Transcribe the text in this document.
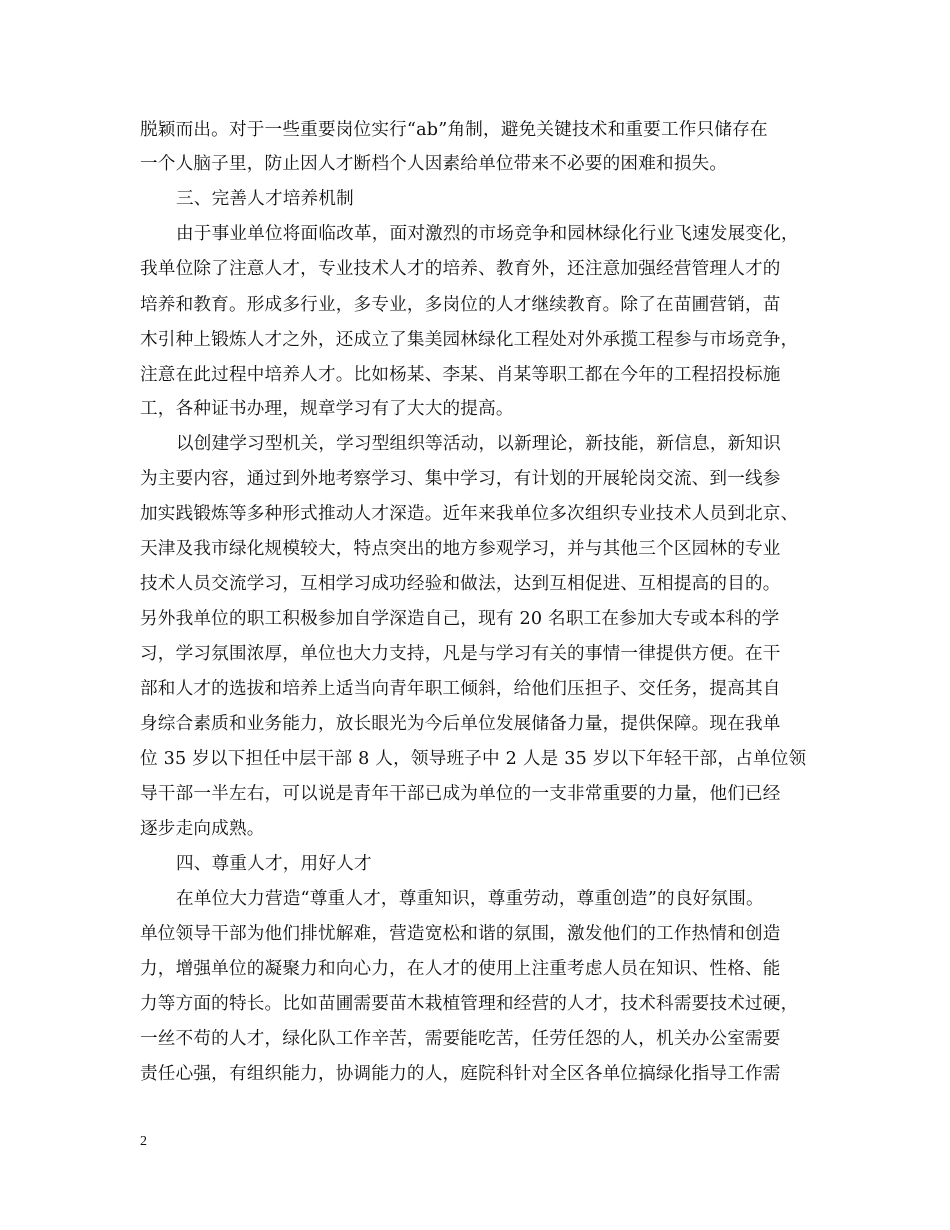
脱颖而出。对于一些重要岗位实行“ab”角制，避免关键技术和重要工作只储存在
一个人脑子里，防止因人才断档个人因素给单位带来不必要的困难和损失。
三、完善人才培养机制
由于事业单位将面临改革，面对激烈的市场竞争和园林绿化行业飞速发展变化，
我单位除了注意人才，专业技术人才的培养、教育外，还注意加强经营管理人才的
培养和教育。形成多行业，多专业，多岗位的人才继续教育。除了在苗圃营销，苗
木引种上锻炼人才之外，还成立了集美园林绿化工程处对外承揽工程参与市场竞争，
注意在此过程中培养人才。比如杨某、李某、肖某等职工都在今年的工程招投标施
工，各种证书办理，规章学习有了大大的提高。
以创建学习型机关，学习型组织等活动，以新理论，新技能，新信息，新知识
为主要内容，通过到外地考察学习、集中学习，有计划的开展轮岗交流、到一线参
加实践锻炼等多种形式推动人才深造。近年来我单位多次组织专业技术人员到北京、
天津及我市绿化规模较大，特点突出的地方参观学习，并与其他三个区园林的专业
技术人员交流学习，互相学习成功经验和做法，达到互相促进、互相提高的目的。
另外我单位的职工积极参加自学深造自己，现有 20 名职工在参加大专或本科的学
习，学习氛围浓厚，单位也大力支持，凡是与学习有关的事情一律提供方便。在干
部和人才的选拔和培养上适当向青年职工倾斜，给他们压担子、交任务，提高其自
身综合素质和业务能力，放长眼光为今后单位发展储备力量，提供保障。现在我单
位 35 岁以下担任中层干部 8 人，领导班子中 2 人是 35 岁以下年轻干部，占单位领
导干部一半左右，可以说是青年干部已成为单位的一支非常重要的力量，他们已经
逐步走向成熟。
四、尊重人才，用好人才
在单位大力营造“尊重人才，尊重知识，尊重劳动，尊重创造”的良好氛围。
单位领导干部为他们排忧解难，营造宽松和谐的氛围，激发他们的工作热情和创造
力，增强单位的凝聚力和向心力，在人才的使用上注重考虑人员在知识、性格、能
力等方面的特长。比如苗圃需要苗木栽植管理和经营的人才，技术科需要技术过硬，
一丝不苟的人才，绿化队工作辛苦，需要能吃苦，任劳任怨的人，机关办公室需要
责任心强，有组织能力，协调能力的人，庭院科针对全区各单位搞绿化指导工作需
2
